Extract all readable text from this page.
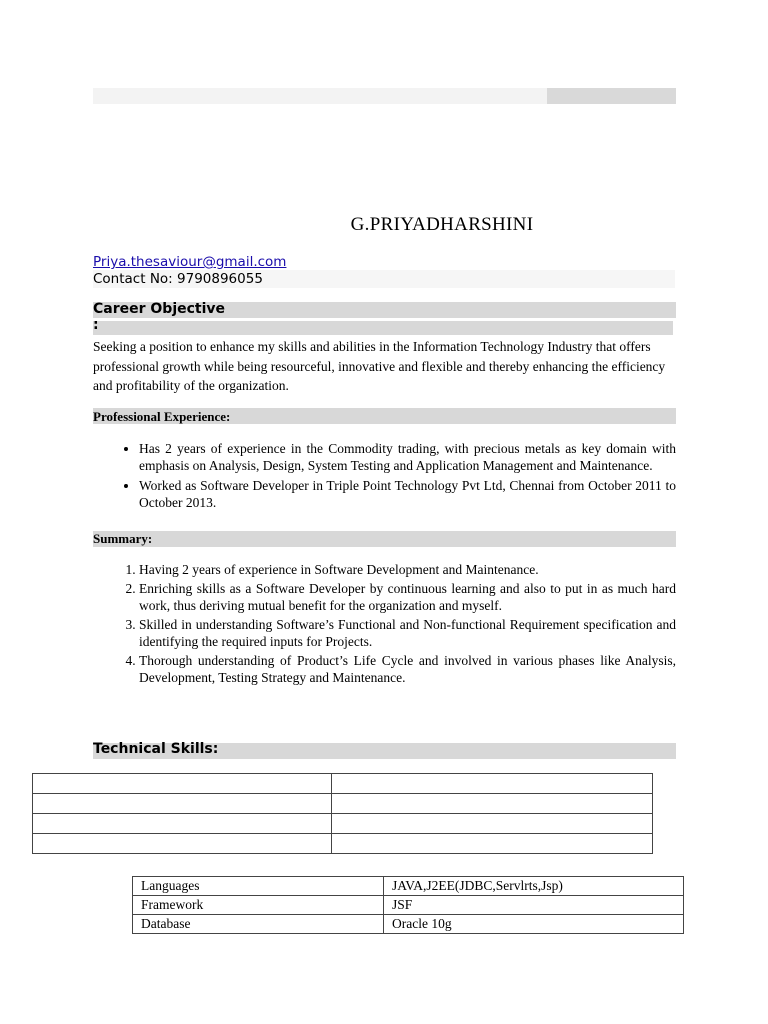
G.PRIYADHARSHINI
Priya.thesaviour@gmail.com
Contact No: 9790896055
Career Objective
:
Seeking a position to enhance my skills and abilities in the Information Technology Industry that offers professional growth while being resourceful, innovative and flexible and thereby enhancing the efficiency and profitability of the organization.
Professional Experience:
• Has 2 years of experience in the Commodity trading, with precious metals as key domain with emphasis on Analysis, Design, System Testing and Application Management and Maintenance.
• Worked as Software Developer in Triple Point Technology Pvt Ltd, Chennai from October 2011 to October 2013.
Summary:
1. Having 2 years of experience in Software Development and Maintenance.
2. Enriching skills as a Software Developer by continuous learning and also to put in as much hard work, thus deriving mutual benefit for the organization and myself.
3. Skilled in understanding Software’s Functional and Non-functional Requirement specification and identifying the required inputs for Projects.
4. Thorough understanding of Product’s Life Cycle and involved in various phases like Analysis, Development, Testing Strategy and Maintenance.
Technical Skills:

Languages	JAVA,J2EE(JDBC,Servlrts,Jsp)
Framework	JSF
Database	Oracle 10g
